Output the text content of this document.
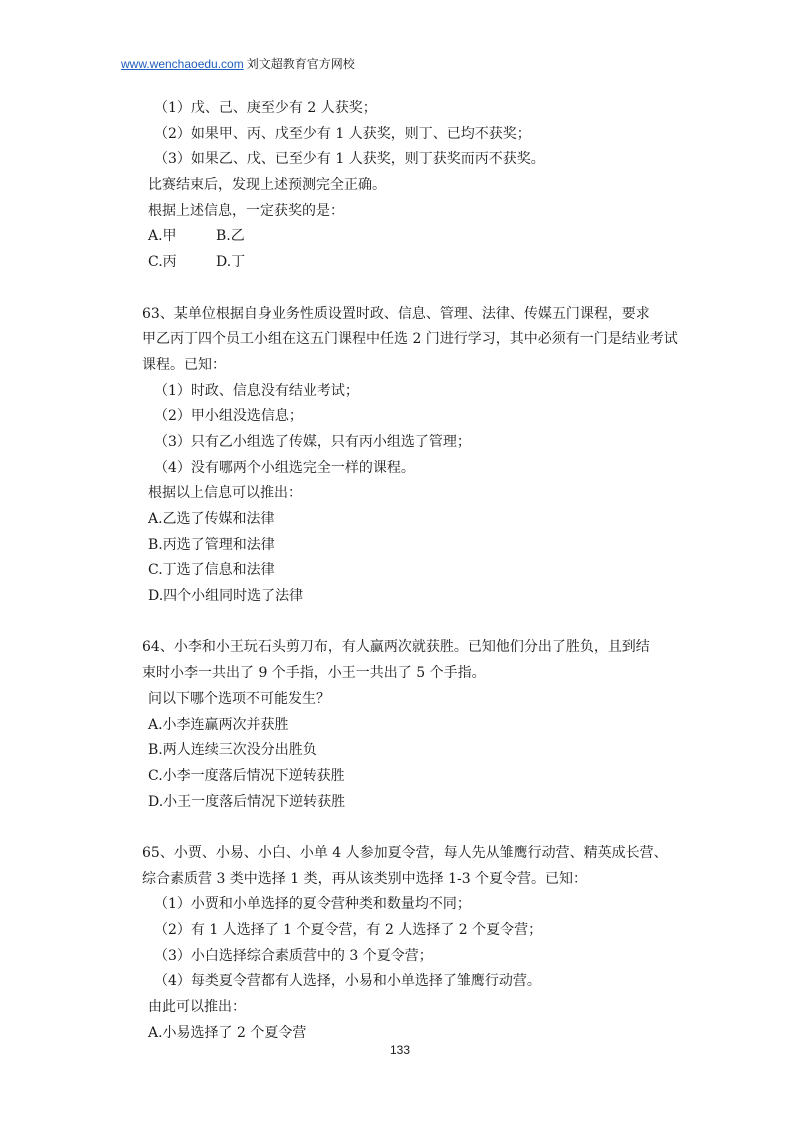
www.wenchaoedu.com 刘文超教育官方网校
（1）戊、己、庚至少有 2 人获奖；
（2）如果甲、丙、戊至少有 1 人获奖，则丁、已均不获奖；
（3）如果乙、戊、已至少有 1 人获奖，则丁获奖而丙不获奖。
比赛结束后，发现上述预测完全正确。
根据上述信息，一定获奖的是：
A.甲	B.乙
C.丙	D.丁
63、某单位根据自身业务性质设置时政、信息、管理、法律、传媒五门课程，要求
甲乙丙丁四个员工小组在这五门课程中任选 2 门进行学习，其中必须有一门是结业考试
课程。已知：
（1）时政、信息没有结业考试；
（2）甲小组没选信息；
（3）只有乙小组选了传媒，只有丙小组选了管理；
（4）没有哪两个小组选完全一样的课程。
根据以上信息可以推出：
A.乙选了传媒和法律
B.丙选了管理和法律
C.丁选了信息和法律
D.四个小组同时选了法律
64、小李和小王玩石头剪刀布，有人赢两次就获胜。已知他们分出了胜负，且到结
束时小李一共出了 9 个手指，小王一共出了 5 个手指。
问以下哪个选项不可能发生？
A.小李连赢两次并获胜
B.两人连续三次没分出胜负
C.小李一度落后情况下逆转获胜
D.小王一度落后情况下逆转获胜
65、小贾、小易、小白、小单 4 人参加夏令营，每人先从雏鹰行动营、精英成长营、
综合素质营 3 类中选择 1 类，再从该类别中选择 1-3 个夏令营。已知：
（1）小贾和小单选择的夏令营种类和数量均不同；
（2）有 1 人选择了 1 个夏令营，有 2 人选择了 2 个夏令营；
（3）小白选择综合素质营中的 3 个夏令营；
（4）每类夏令营都有人选择，小易和小单选择了雏鹰行动营。
由此可以推出：
A.小易选择了 2 个夏令营
133
